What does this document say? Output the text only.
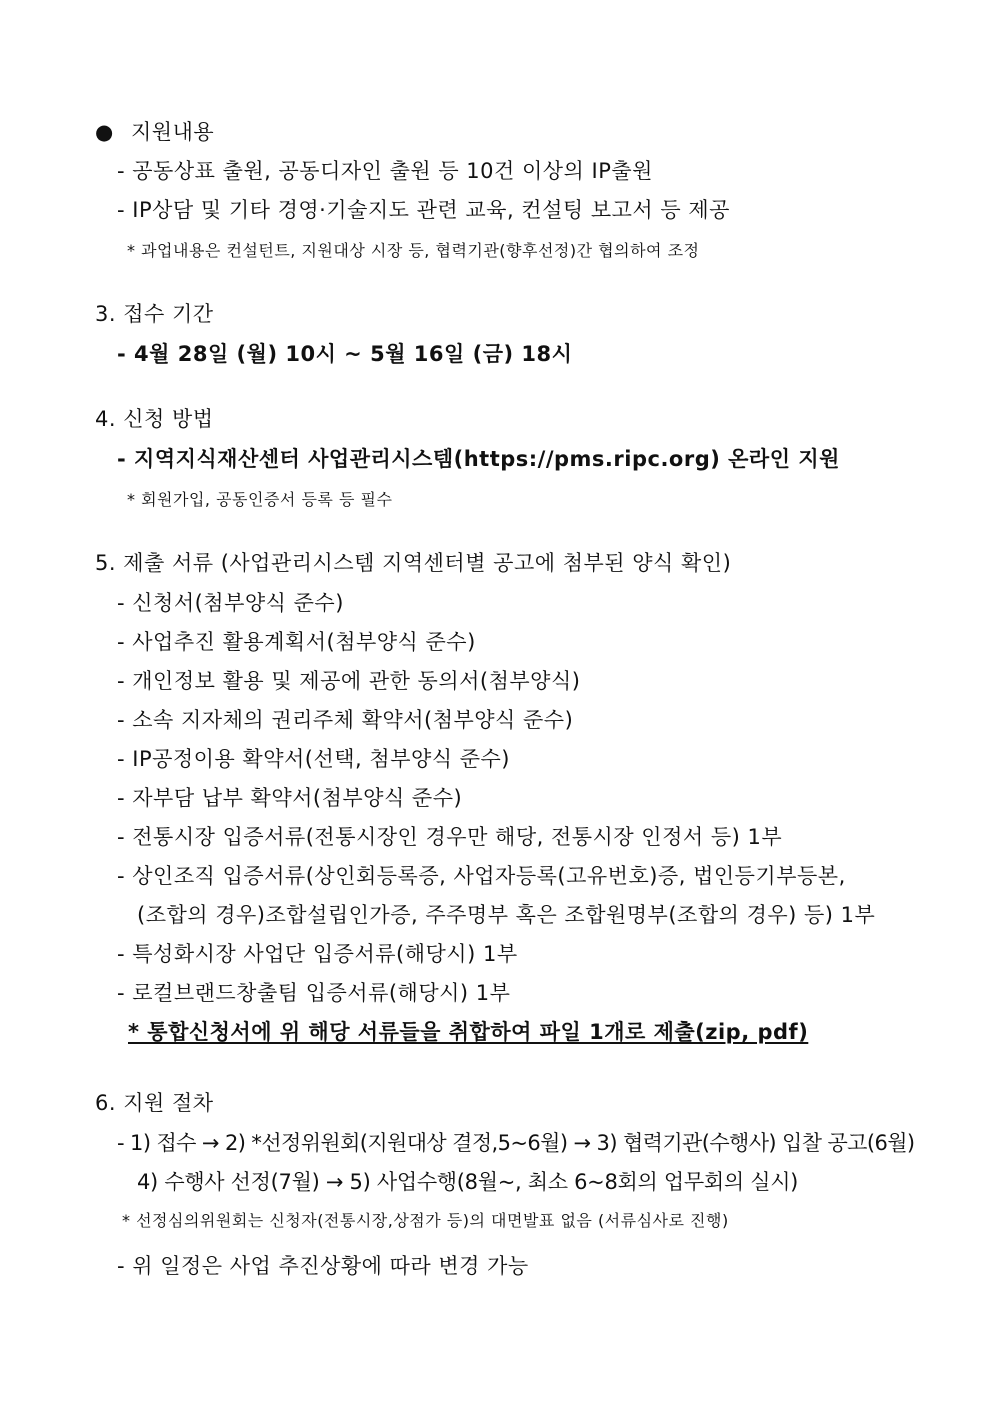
● 지원내용
- 공동상표 출원, 공동디자인 출원 등 10건 이상의 IP출원
- IP상담 및 기타 경영·기술지도 관련 교육, 컨설팅 보고서 등 제공
* 과업내용은 컨설턴트, 지원대상 시장 등, 협력기관(향후선정)간 협의하여 조정
3. 접수 기간
- 4월 28일 (월) 10시 ~ 5월 16일 (금) 18시
4. 신청 방법
- 지역지식재산센터 사업관리시스템(https://pms.ripc.org) 온라인 지원
* 회원가입, 공동인증서 등록 등 필수
5. 제출 서류 (사업관리시스템 지역센터별 공고에 첨부된 양식 확인)
- 신청서(첨부양식 준수)
- 사업추진 활용계획서(첨부양식 준수)
- 개인정보 활용 및 제공에 관한 동의서(첨부양식)
- 소속 지자체의 권리주체 확약서(첨부양식 준수)
- IP공정이용 확약서(선택, 첨부양식 준수)
- 자부담 납부 확약서(첨부양식 준수)
- 전통시장 입증서류(전통시장인 경우만 해당, 전통시장 인정서 등) 1부
- 상인조직 입증서류(상인회등록증, 사업자등록(고유번호)증, 법인등기부등본,
(조합의 경우)조합설립인가증, 주주명부 혹은 조합원명부(조합의 경우) 등) 1부
- 특성화시장 사업단 입증서류(해당시) 1부
- 로컬브랜드창출팀 입증서류(해당시) 1부
* 통합신청서에 위 해당 서류들을 취합하여 파일 1개로 제출(zip, pdf)
6. 지원 절차
- 1) 접수 → 2) *선정위원회(지원대상 결정,5~6월) → 3) 협력기관(수행사) 입찰 공고(6월)
4) 수행사 선정(7월) → 5) 사업수행(8월~, 최소 6~8회의 업무회의 실시)
* 선정심의위원회는 신청자(전통시장,상점가 등)의 대면발표 없음 (서류심사로 진행)
- 위 일정은 사업 추진상황에 따라 변경 가능
